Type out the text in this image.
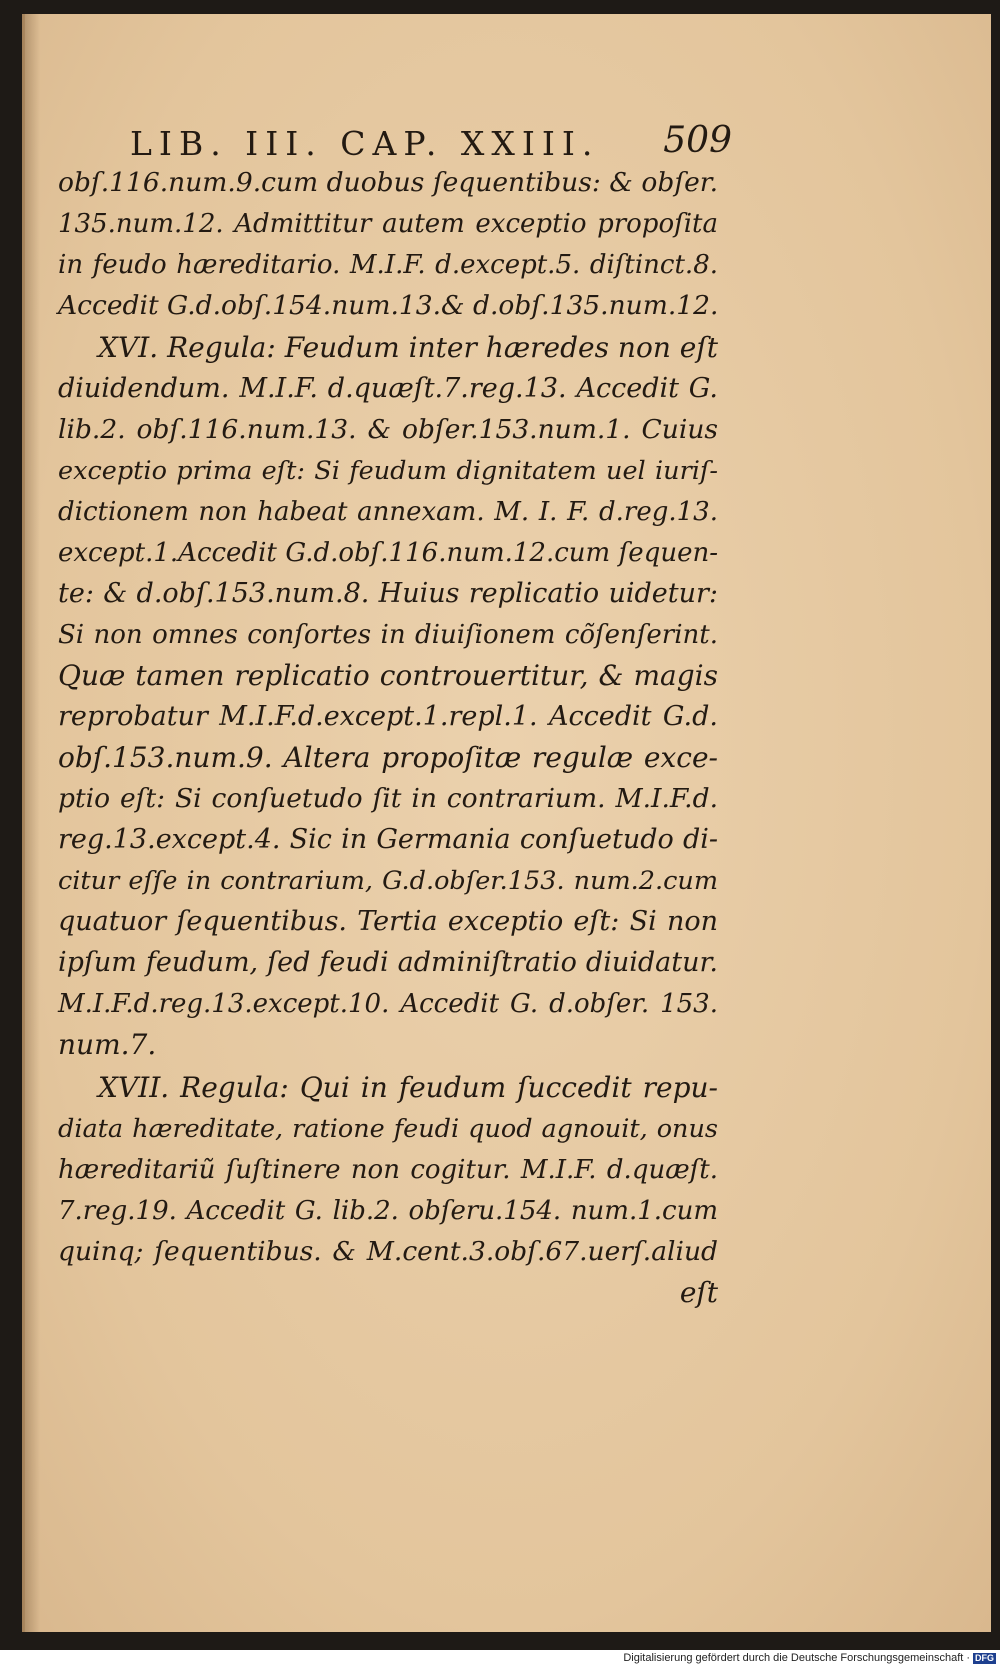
LIB. III. CAP. XXIII. 509
obſ.116.num.9.cum duobus ſequentibus: & obſer.
135.num.12. Admittitur autem exceptio propoſita
in feudo hæreditario. M.I.F. d.except.5. diſtinct.8.
Accedit G.d.obſ.154.num.13.& d.obſ.135.num.12.
XVI. Regula: Feudum inter hæredes non eſt
diuidendum. M.I.F. d.quæſt.7.reg.13. Accedit G.
lib.2. obſ.116.num.13. & obſer.153.num.1. Cuius
exceptio prima eſt: Si feudum dignitatem uel iuriſ-
dictionem non habeat annexam. M. I. F. d.reg.13.
except.1.Accedit G.d.obſ.116.num.12.cum ſequen-
te: & d.obſ.153.num.8. Huius replicatio uidetur:
Si non omnes conſortes in diuiſionem cõſenſerint.
Quæ tamen replicatio controuertitur, & magis
reprobatur M.I.F.d.except.1.repl.1. Accedit G.d.
obſ.153.num.9. Altera propoſitæ regulæ exce-
ptio eſt: Si conſuetudo ſit in contrarium. M.I.F.d.
reg.13.except.4. Sic in Germania conſuetudo di-
citur eſſe in contrarium, G.d.obſer.153. num.2.cum
quatuor ſequentibus. Tertia exceptio eſt: Si non
ipſum feudum, ſed feudi adminiſtratio diuidatur.
M.I.F.d.reg.13.except.10. Accedit G. d.obſer. 153.
num.7.
XVII. Regula: Qui in feudum ſuccedit repu-
diata hæreditate, ratione feudi quod agnouit, onus
hæreditariũ ſuſtinere non cogitur. M.I.F. d.quæſt.
7.reg.19. Accedit G. lib.2. obſeru.154. num.1.cum
quinq; ſequentibus. & M.cent.3.obſ.67.uerſ.aliud
eſt
Digitalisierung gefördert durch die Deutsche Forschungsgemeinschaft · DFG
